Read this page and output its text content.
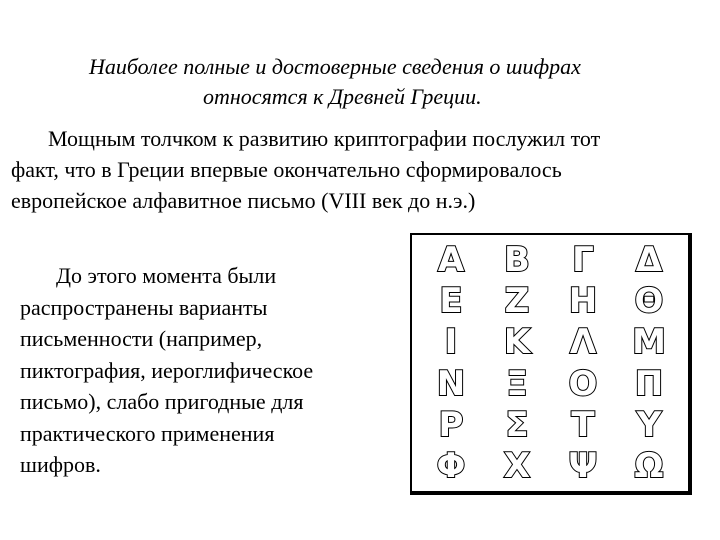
Наиболее полные и достоверные сведения о шифрах
относятся к Древней Греции.
Мощным толчком к развитию криптографии послужил тот
факт, что в Греции впервые окончательно сформировалось
европейское алфавитное письмо (VIII век до н.э.)
До этого момента были
распространены варианты
письменности (например,
пиктография, иероглифическое
письмо), слабо пригодные для
практического применения
шифров.
Α	Β	Γ	Δ
Ε	Ζ	Η	Θ
Ι	Κ	Λ	Μ
Ν	Ξ	Ο	Π
Ρ	Σ	Τ	Υ
Φ	Χ	Ψ	Ω
